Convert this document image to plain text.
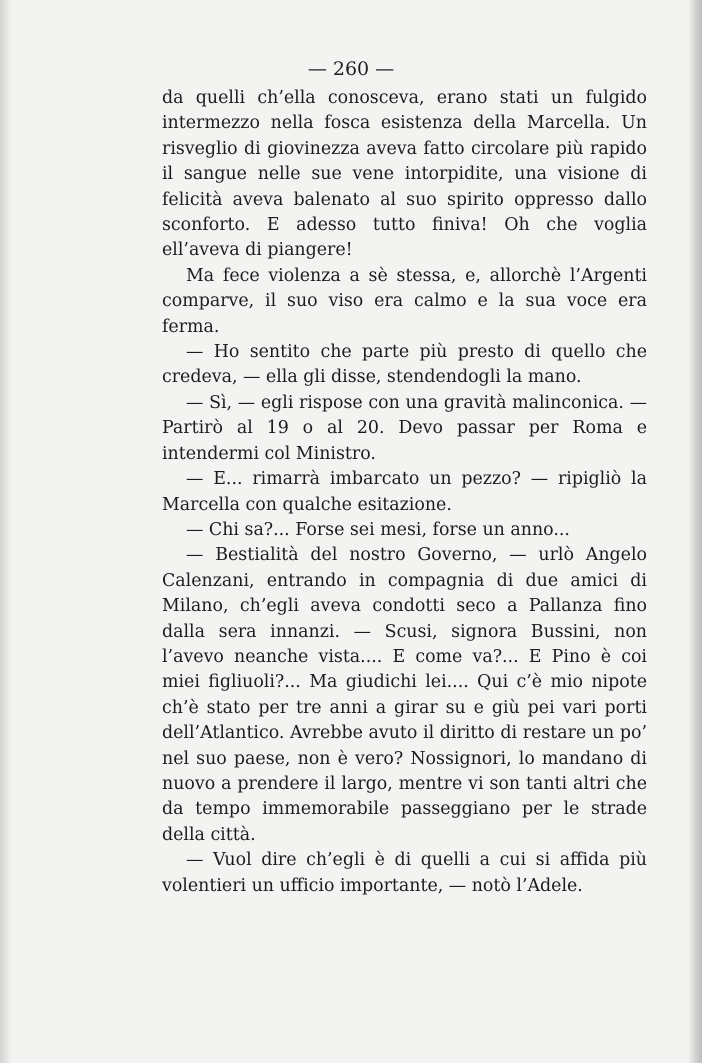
— 260 —

da quelli ch’ella conosceva, erano stati un fulgido intermezzo nella fosca esistenza della Marcella. Un risveglio di giovinezza aveva fatto circolare più rapido il sangue nelle sue vene intorpidite, una visione di felicità aveva balenato al suo spirito oppresso dallo sconforto. E adesso tutto finiva! Oh che voglia ell’aveva di piangere!

Ma fece violenza a sè stessa, e, allorchè l’Argenti comparve, il suo viso era calmo e la sua voce era ferma.

— Ho sentito che parte più presto di quello che credeva, — ella gli disse, stendendogli la mano.

— Sì, — egli rispose con una gravità malinconica. — Partirò al 19 o al 20. Devo passar per Roma e intendermi col Ministro.

— E... rimarrà imbarcato un pezzo? — ripigliò la Marcella con qualche esitazione.

— Chi sa?... Forse sei mesi, forse un anno...

— Bestialità del nostro Governo, — urlò Angelo Calenzani, entrando in compagnia di due amici di Milano, ch’egli aveva condotti seco a Pallanza fino dalla sera innanzi. — Scusi, signora Bussini, non l’avevo neanche vista.... E come va?... E Pino è coi miei figliuoli?... Ma giudichi lei.... Qui c’è mio nipote ch’è stato per tre anni a girar su e giù pei vari porti dell’Atlantico. Avrebbe avuto il diritto di restare un po’ nel suo paese, non è vero? Nossignori, lo mandano di nuovo a prendere il largo, mentre vi son tanti altri che da tempo immemorabile passeggiano per le strade della città.

— Vuol dire ch’egli è di quelli a cui si affida più volentieri un ufficio importante, — notò l’Adele.
